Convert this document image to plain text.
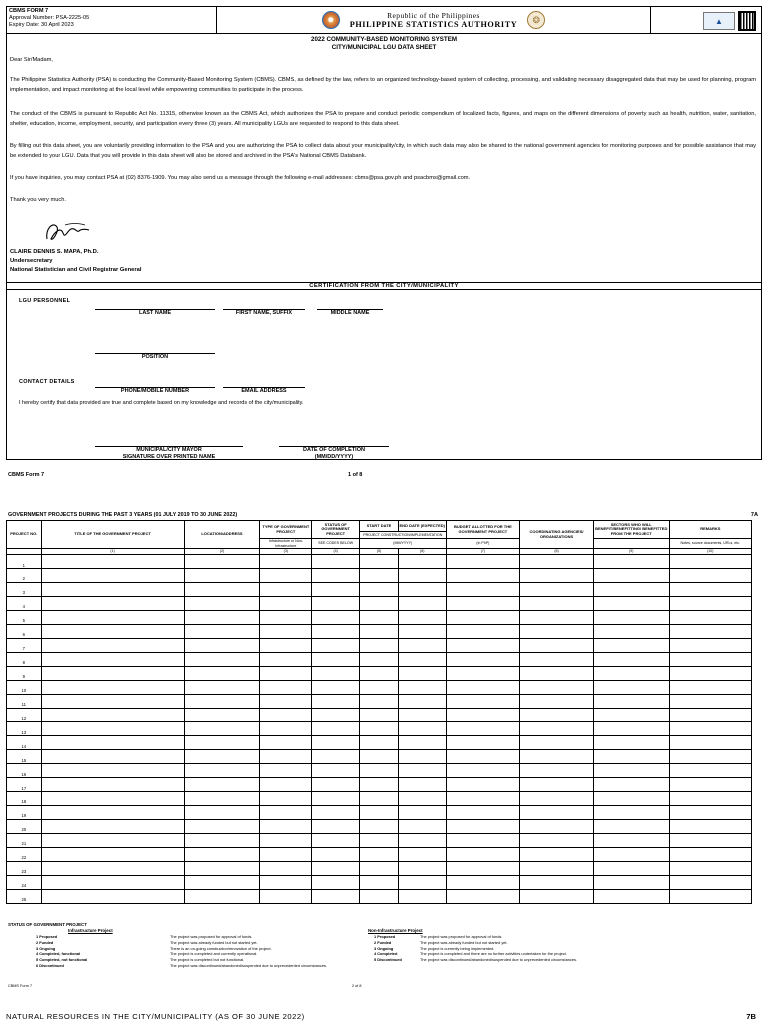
CBMS FORM 7
Approval Number: PSA-2225-05
Expiry Date: 30 April 2023
✹	Republic of the Philippines
PHILIPPINE STATISTICS AUTHORITY	❂	▲
2022 COMMUNITY-BASED MONITORING SYSTEM
CITY/MUNICIPAL LGU DATA SHEET
Dear Sir/Madam,
The Philippine Statistics Authority (PSA) is conducting the Community-Based Monitoring System (CBMS). CBMS, as defined by the law, refers to an organized technology-based system of collecting, processing, and validating necessary disaggregated data that may be used for planning, program implementation, and impact monitoring at the local level while empowering communities to participate in the process.
The conduct of the CBMS is pursuant to Republic Act No. 11315, otherwise known as the CBMS Act, which authorizes the PSA to prepare and conduct periodic compendium of localized facts, figures, and maps on the different dimensions of poverty such as health, nutrition, water, sanitation, shelter, education, income, employment, security, and participation every three (3) years. All municipality LGUs are requested to respond to this data sheet.
By filling out this data sheet, you are voluntarily providing information to the PSA and you are authorizing the PSA to collect data about your municipality/city, in which such data may also be shared to the national government agencies for monitoring purposes and for possible assistance that may be extended to your LGU. Data that you will provide in this data sheet will also be stored and archived in the PSA's National CBMS Databank.
If you have inquiries, you may contact PSA at (02) 8376-1909. You may also send us a message through the following e-mail addresses: cbms@psa.gov.ph and psacbms@gmail.com.
Thank you very much.
CLAIRE DENNIS S. MAPA, Ph.D.
Undersecretary
National Statistician and Civil Registrar General
CERTIFICATION FROM THE CITY/MUNICIPALITY
LGU PERSONNEL
LAST NAME	FIRST NAME, SUFFIX	MIDDLE NAME
POSITION
CONTACT DETAILS
PHONE/MOBILE NUMBER	EMAIL ADDRESS
I hereby certify that data provided are true and complete based on my knowledge and records of the city/municipality.
MUNICIPAL/CITY MAYOR
SIGNATURE OVER PRINTED NAME
DATE OF COMPLETION
(MM/DD/YYYY)
CBMS Form 7	1 of 8
GOVERNMENT PROJECTS DURING THE PAST 3 YEARS (01 JULY 2019 TO 30 JUNE 2022)	7A
PROJECT NO.	TITLE OF THE GOVERNMENT PROJECT	LOCATION/ADDRESS	TYPE OF GOVERNMENT PROJECT	STATUS OF GOVERNMENT PROJECT	START DATE	END DATE (EXPECTED)	BUDGET ALLOTTED FOR THE GOVERNMENT PROJECT	COORDINATING AGENCIES/ ORGANIZATIONS	SECTORS WHO WILL BENEFIT/BENEFITTING/ BENEFITTED FROM THE PROJECT	REMARKS
					PROJECT CONSTRUCTION/IMPLEMENTATION					
			Infrastructure or Non-Infrastructure	SEE CODES BELOW	(MM/YYYY)		(in PhP)			Notes, source documents, URLs, etc.
	(1)	(2)	(3)	(4)	(5)	(6)	(7)	(8)	(9)	(10)
1										
2										
3										
4										
5										
6										
7										
8										
9										
10										
11										
12										
13										
14										
15										
16										
17										
18										
19										
20										
21										
22										
23										
24										
25										
STATUS OF GOVERNMENT PROJECT
Infrastructure Project	Non-Infrastructure Project
1 Proposed	The project was proposed for approval of funds.
2 Funded	The project was already funded but not started yet.
3 Ongoing	There is an on-going construction/renovation of the project.
4 Completed, functional	The project is completed and currently operational.
5 Completed, not functional	The project is completed but not functional.
6 Discontinued	The project was discontinued/abandoned/suspended due to unprecedented circumstances.
1 Proposed	The project was proposed for approval of funds.
2 Funded	The project was already funded but not started yet.
3 Ongoing	The project is currently being implemented.
4 Completed	The project is completed and there are no further activities undertaken for the project.
5 Discontinued	The project was discontinued/abandoned/suspended due to unprecedented circumstances.
CBMS Form 7	2 of 8
NATURAL RESOURCES IN THE CITY/MUNICIPALITY (AS OF 30 JUNE 2022)	7B
